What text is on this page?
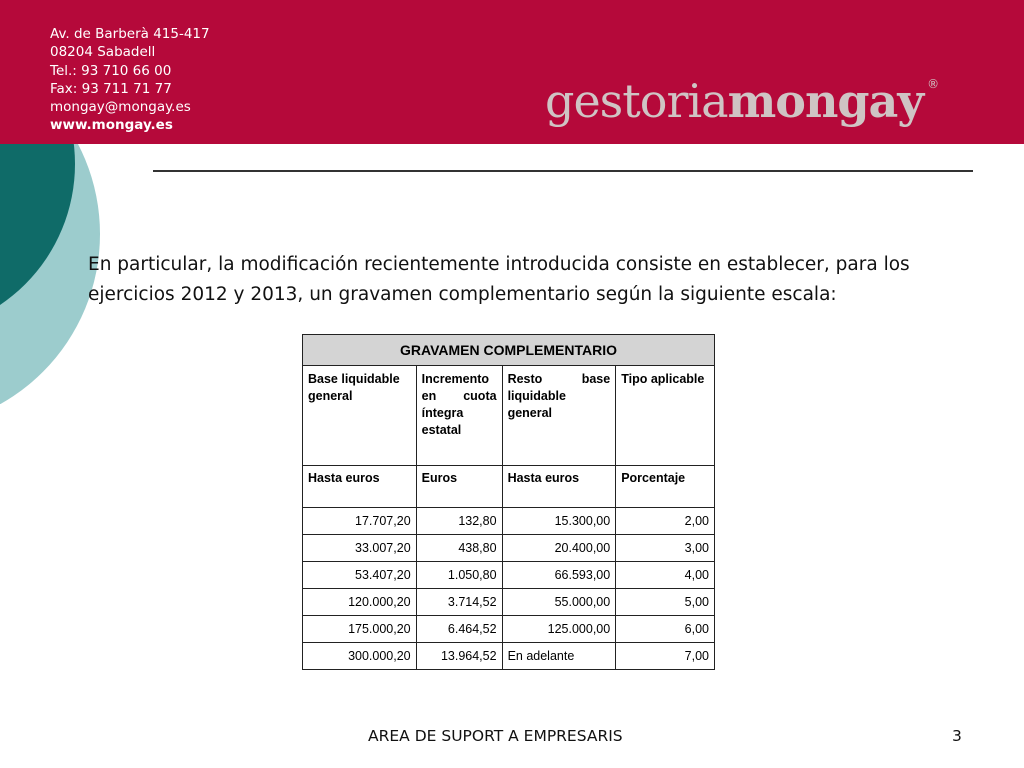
Av. de Barberà 415-417
08204 Sabadell
Tel.: 93 710 66 00
Fax: 93 711 71 77
mongay@mongay.es
www.mongay.es	gestoriamongay ®

En particular, la modificación recientemente introducida consiste en establecer, para los ejercicios 2012 y 2013, un gravamen complementario según la siguiente escala:

GRAVAMEN COMPLEMENTARIO			
Base liquidable general	Incremento en cuota íntegra estatal	Resto base liquidable general	Tipo aplicable
Hasta euros	Euros	Hasta euros	Porcentaje
17.707,20	132,80	15.300,00	2,00
33.007,20	438,80	20.400,00	3,00
53.407,20	1.050,80	66.593,00	4,00
120.000,20	3.714,52	55.000,00	5,00
175.000,20	6.464,52	125.000,00	6,00
300.000,20	13.964,52	En adelante	7,00
AREA DE SUPORT A EMPRESARIS	3
